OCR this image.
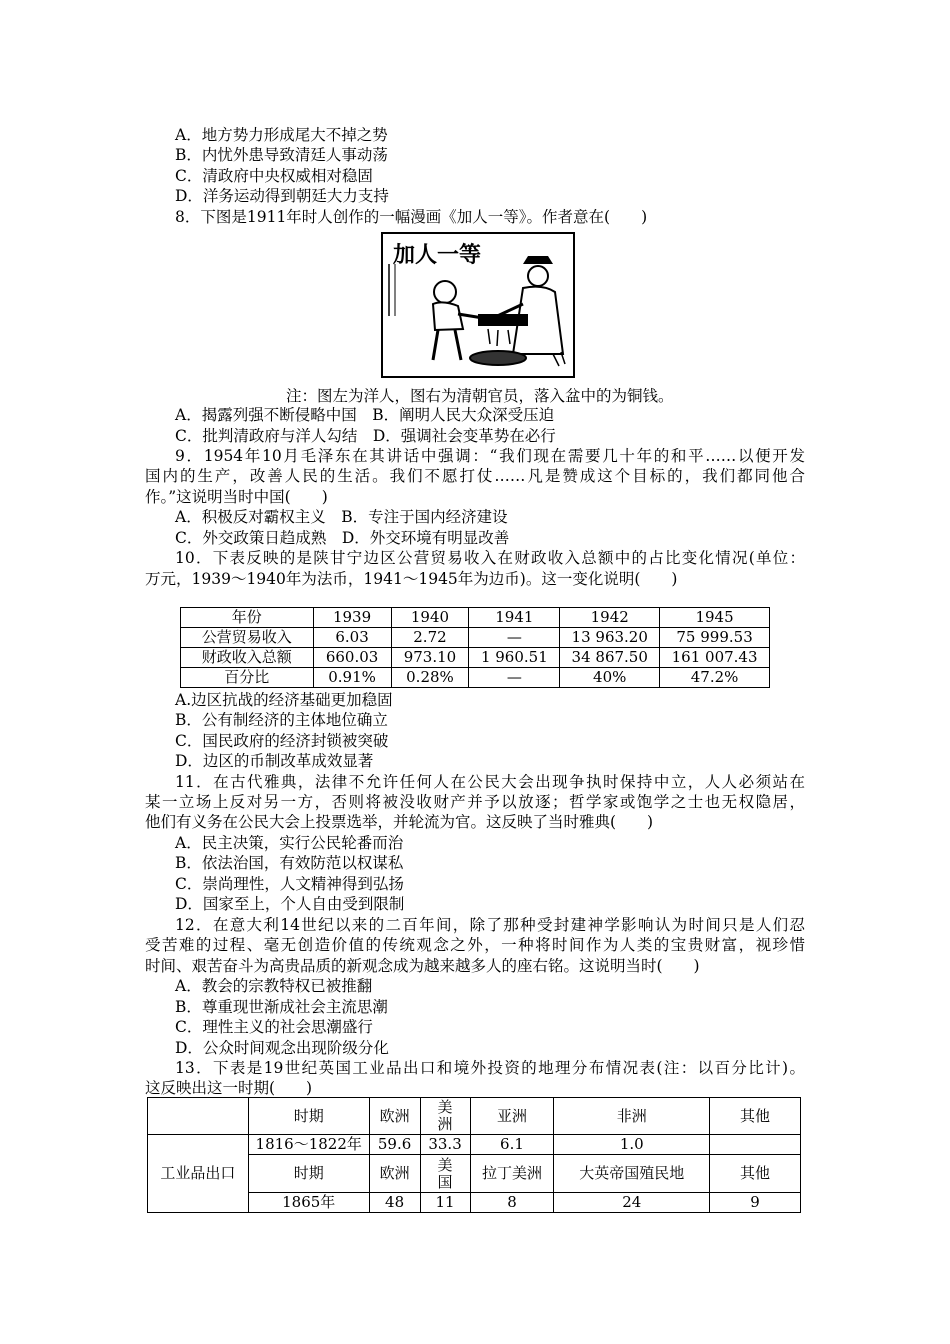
A．地方势力形成尾大不掉之势
B．内忧外患导致清廷人事动荡
C．清政府中央权威相对稳固
D．洋务运动得到朝廷大力支持
8．下图是1911年时人创作的一幅漫画《加人一等》。作者意在(　　)
加人一等
注：图左为洋人，图右为清朝官员，落入盆中的为铜钱。
A．揭露列强不断侵略中国　B．阐明人民大众深受压迫
C．批判清政府与洋人勾结　D．强调社会变革势在必行
9．1954年10月毛泽东在其讲话中强调：“我们现在需要几十年的和平……以便开发
国内的生产，改善人民的生活。我们不愿打仗……凡是赞成这个目标的，我们都同他合
作。”这说明当时中国(　　)
A．积极反对霸权主义　B．专注于国内经济建设
C．外交政策日趋成熟　D．外交环境有明显改善
10．下表反映的是陕甘宁边区公营贸易收入在财政收入总额中的占比变化情况(单位：
万元，1939～1940年为法币，1941～1945年为边币)。这一变化说明(　　)
年份	1939	1940	1941	1942	1945
公营贸易收入	6.03	2.72	—	13 963.20	75 999.53
财政收入总额	660.03	973.10	1 960.51	34 867.50	161 007.43
百分比	0.91%	0.28%	—	40%	47.2%
A.边区抗战的经济基础更加稳固
B．公有制经济的主体地位确立
C．国民政府的经济封锁被突破
D．边区的币制改革成效显著
11．在古代雅典，法律不允许任何人在公民大会出现争执时保持中立，人人必须站在
某一立场上反对另一方，否则将被没收财产并予以放逐；哲学家或饱学之士也无权隐居，
他们有义务在公民大会上投票选举，并轮流为官。这反映了当时雅典(　　)
A．民主决策，实行公民轮番而治
B．依法治国，有效防范以权谋私
C．崇尚理性，人文精神得到弘扬
D．国家至上，个人自由受到限制
12．在意大利14世纪以来的二百年间，除了那种受封建神学影响认为时间只是人们忍
受苦难的过程、毫无创造价值的传统观念之外，一种将时间作为人类的宝贵财富，视珍惜
时间、艰苦奋斗为高贵品质的新观念成为越来越多人的座右铭。这说明当时(　　)
A．教会的宗教特权已被推翻
B．尊重现世渐成社会主流思潮
C．理性主义的社会思潮盛行
D．公众时间观念出现阶级分化
13．下表是19世纪英国工业品出口和境外投资的地理分布情况表(注：以百分比计)。
这反映出这一时期(　　)
	时期	欧洲	美洲	亚洲	非洲	其他
工业品出口	1816～1822年	59.6	33.3	6.1	1.0	
	时期	欧洲	美国	拉丁美洲	大英帝国殖民地	其他
	1865年	48	11	8	24	9
